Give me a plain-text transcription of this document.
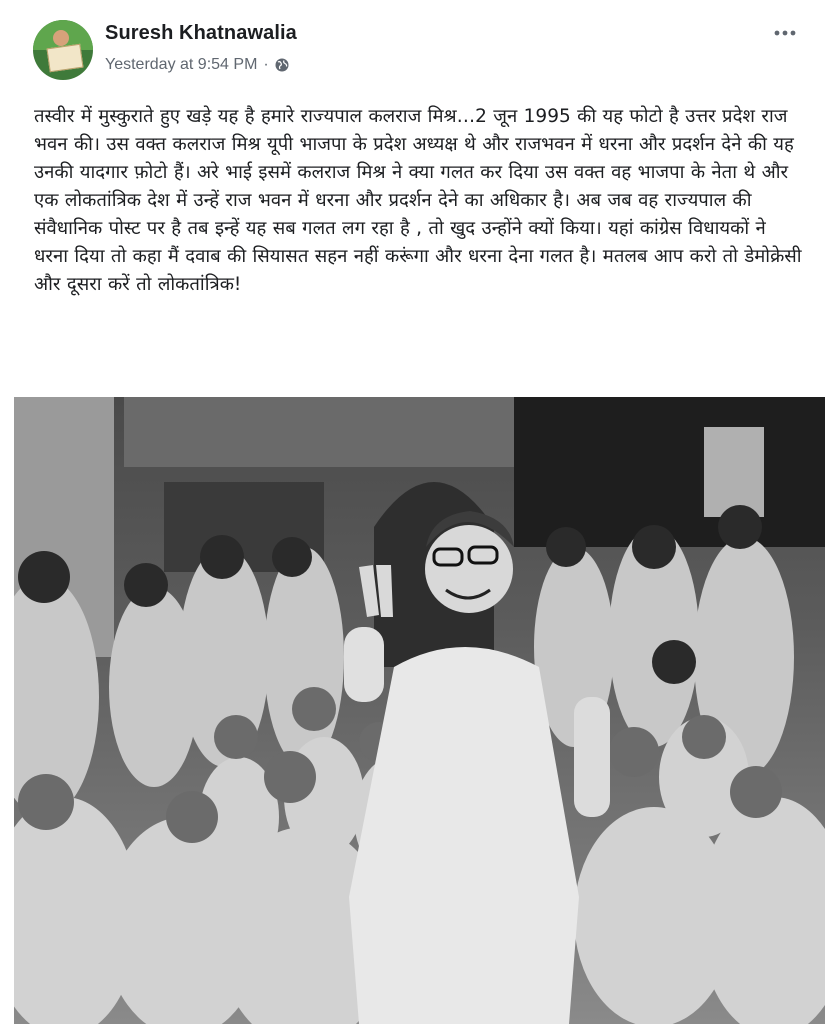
Suresh Khatnawalia
Yesterday at 9:54 PM ·
तस्वीर में मुस्कुराते हुए खड़े यह है हमारे राज्यपाल कलराज मिश्र…2 जून 1995 की यह फोटो है उत्तर प्रदेश राज भवन की। उस वक्त कलराज मिश्र यूपी भाजपा के प्रदेश अध्यक्ष थे और राजभवन में धरना और प्रदर्शन देने की यह उनकी यादगार फ़ोटो हैं। अरे भाई इसमें कलराज मिश्र ने क्या गलत कर दिया उस वक्त वह भाजपा के नेता थे और एक लोकतांत्रिक देश में उन्हें राज भवन में धरना और प्रदर्शन देने का अधिकार है। अब जब वह राज्यपाल की संवैधानिक पोस्ट पर है तब इन्हें यह सब गलत लग रहा है , तो खुद उन्होंने क्यों किया। यहां कांग्रेस विधायकों ने धरना दिया तो कहा मैं दवाब की सियासत सहन नहीं करूंगा और धरना देना गलत है। मतलब आप करो तो डेमोक्रेसी और दूसरा करें तो लोकतांत्रिक!
